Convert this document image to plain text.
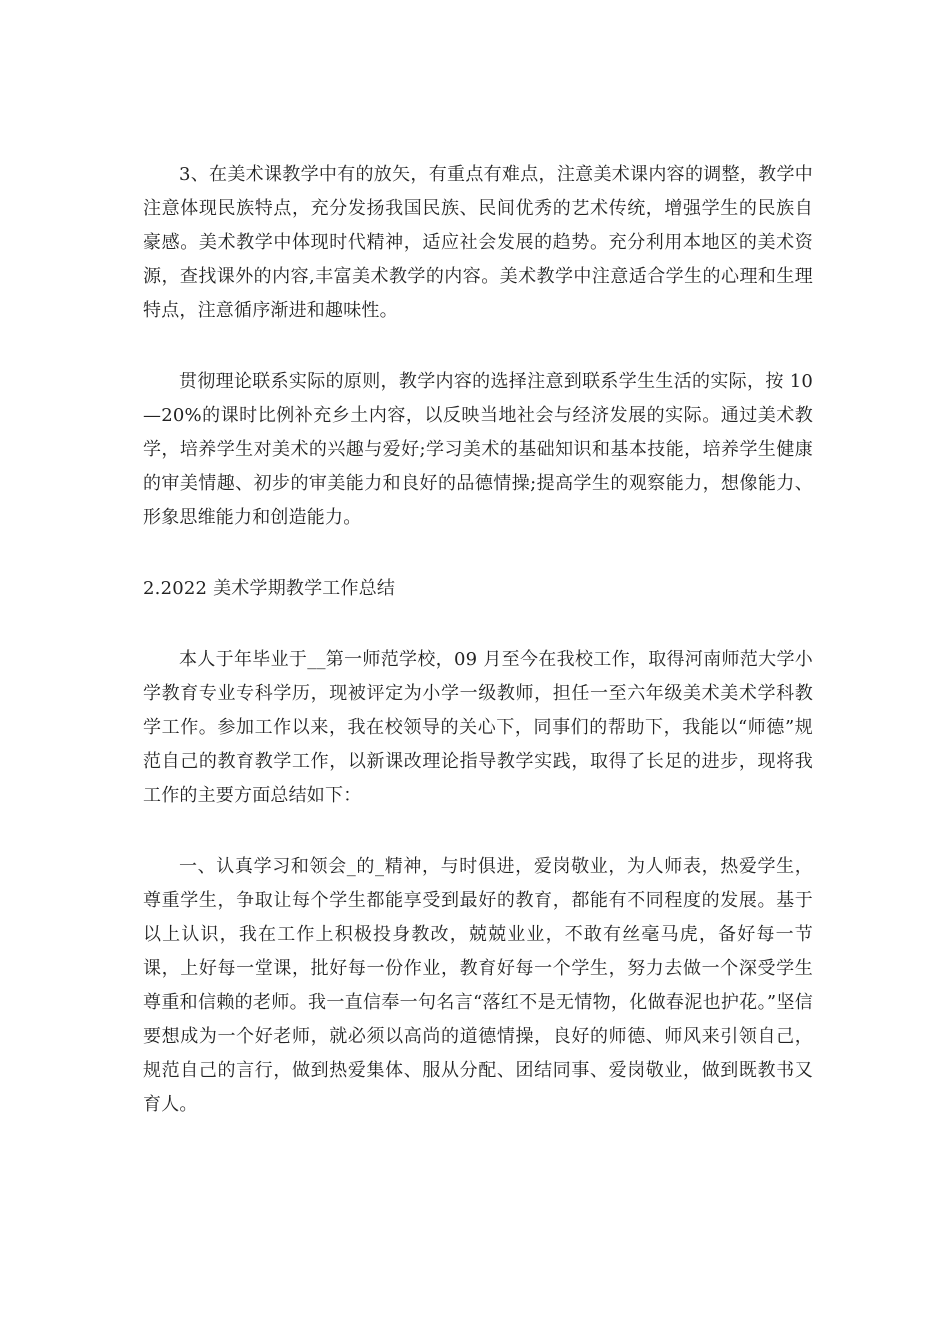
3、在美术课教学中有的放矢，有重点有难点，注意美术课内容的调整，教学中注意体现民族特点，充分发扬我国民族、民间优秀的艺术传统，增强学生的民族自豪感。美术教学中体现时代精神，适应社会发展的趋势。充分利用本地区的美术资源，查找课外的内容,丰富美术教学的内容。美术教学中注意适合学生的心理和生理特点，注意循序渐进和趣味性。

贯彻理论联系实际的原则，教学内容的选择注意到联系学生生活的实际，按 10—20%的课时比例补充乡土内容，以反映当地社会与经济发展的实际。通过美术教学，培养学生对美术的兴趣与爱好;学习美术的基础知识和基本技能，培养学生健康的审美情趣、初步的审美能力和良好的品德情操;提高学生的观察能力，想像能力、形象思维能力和创造能力。

2.2022 美术学期教学工作总结

本人于年毕业于__第一师范学校，09 月至今在我校工作，取得河南师范大学小学教育专业专科学历，现被评定为小学一级教师，担任一至六年级美术美术学科教学工作。参加工作以来，我在校领导的关心下，同事们的帮助下，我能以“师德”规范自己的教育教学工作，以新课改理论指导教学实践，取得了长足的进步，现将我工作的主要方面总结如下：

一、认真学习和领会_的_精神，与时俱进，爱岗敬业，为人师表，热爱学生，尊重学生，争取让每个学生都能享受到最好的教育，都能有不同程度的发展。基于以上认识，我在工作上积极投身教改，兢兢业业，不敢有丝毫马虎，备好每一节课，上好每一堂课，批好每一份作业，教育好每一个学生，努力去做一个深受学生尊重和信赖的老师。我一直信奉一句名言“落红不是无情物，化做春泥也护花。”坚信要想成为一个好老师，就必须以高尚的道德情操，良好的师德、师风来引领自己，规范自己的言行，做到热爱集体、服从分配、团结同事、爱岗敬业，做到既教书又育人。
